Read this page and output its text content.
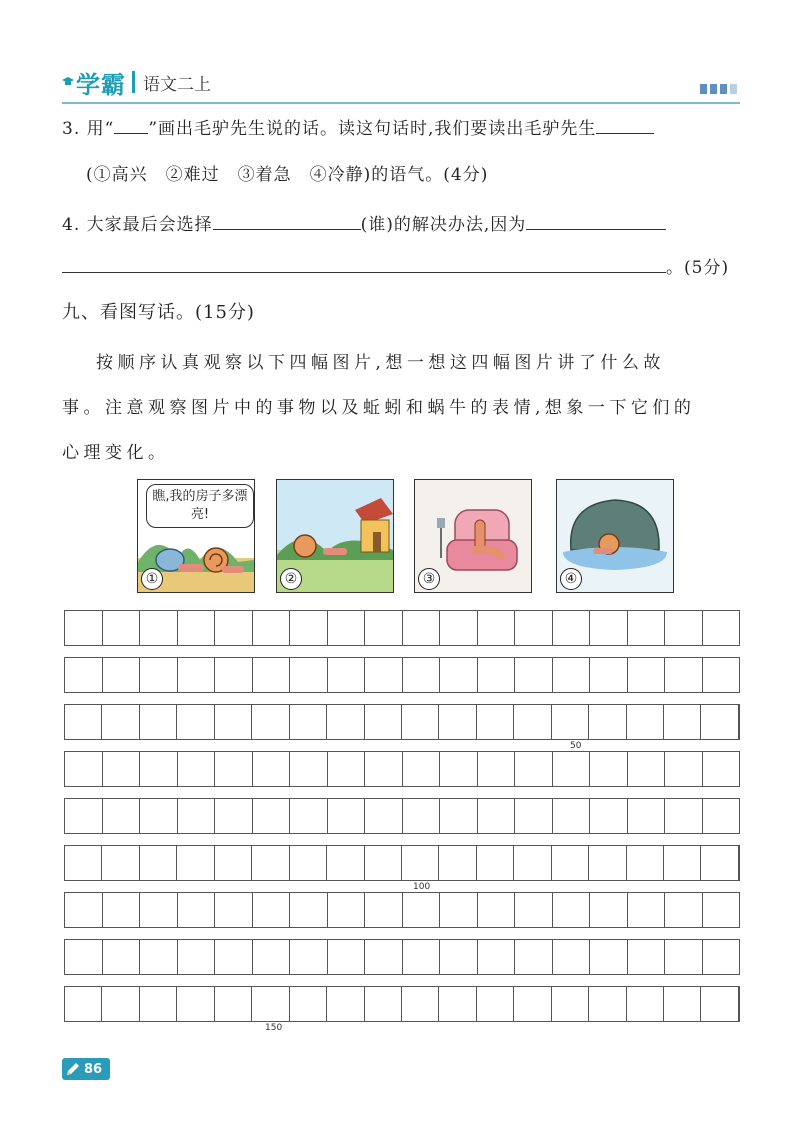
学霸 语文二上
3. 用“ ”画出毛驴先生说的话。读这句话时,我们要读出毛驴先生
(①高兴　②难过　③着急　④冷静)的语气。(4分)
4. 大家最后会选择	(谁)的解决办法,因为
。(5分)
九、看图写话。(15分)

按顺序认真观察以下四幅图片,想一想这四幅图片讲了什么故

事。注意观察图片中的事物以及蚯蚓和蜗牛的表情,想象一下它们的

心理变化。

瞧,我的房子多漂亮!
①	②	③	④
50
100
150
86
